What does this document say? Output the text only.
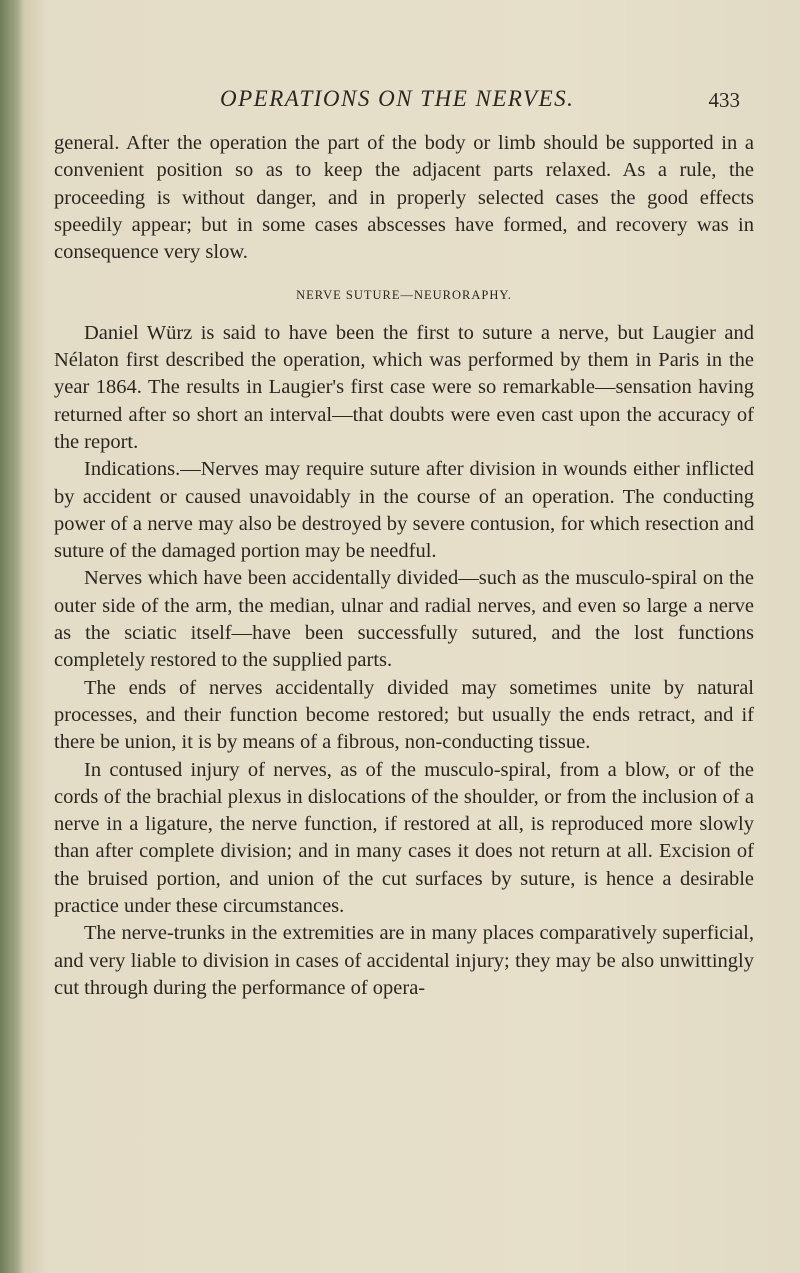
OPERATIONS ON THE NERVES.	433

general. After the operation the part of the body or limb should be supported in a convenient position so as to keep the adjacent parts relaxed. As a rule, the proceeding is without danger, and in properly selected cases the good effects speedily appear; but in some cases abscesses have formed, and recovery was in consequence very slow.

NERVE SUTURE—NEURORAPHY.

Daniel Würz is said to have been the first to suture a nerve, but Laugier and Nélaton first described the operation, which was performed by them in Paris in the year 1864. The results in Laugier's first case were so remarkable—sensation having returned after so short an interval—that doubts were even cast upon the accuracy of the report.

Indications.—Nerves may require suture after division in wounds either inflicted by accident or caused unavoidably in the course of an operation. The conducting power of a nerve may also be destroyed by severe contusion, for which resection and suture of the damaged portion may be needful.

Nerves which have been accidentally divided—such as the musculo-spiral on the outer side of the arm, the median, ulnar and radial nerves, and even so large a nerve as the sciatic itself—have been successfully sutured, and the lost functions completely restored to the supplied parts.

The ends of nerves accidentally divided may sometimes unite by natural processes, and their function become restored; but usually the ends retract, and if there be union, it is by means of a fibrous, non-conducting tissue.

In contused injury of nerves, as of the musculo-spiral, from a blow, or of the cords of the brachial plexus in dislocations of the shoulder, or from the inclusion of a nerve in a ligature, the nerve function, if restored at all, is reproduced more slowly than after complete division; and in many cases it does not return at all. Excision of the bruised portion, and union of the cut surfaces by suture, is hence a desirable practice under these circumstances.

The nerve-trunks in the extremities are in many places comparatively superficial, and very liable to division in cases of accidental injury; they may be also unwittingly cut through during the performance of opera-
